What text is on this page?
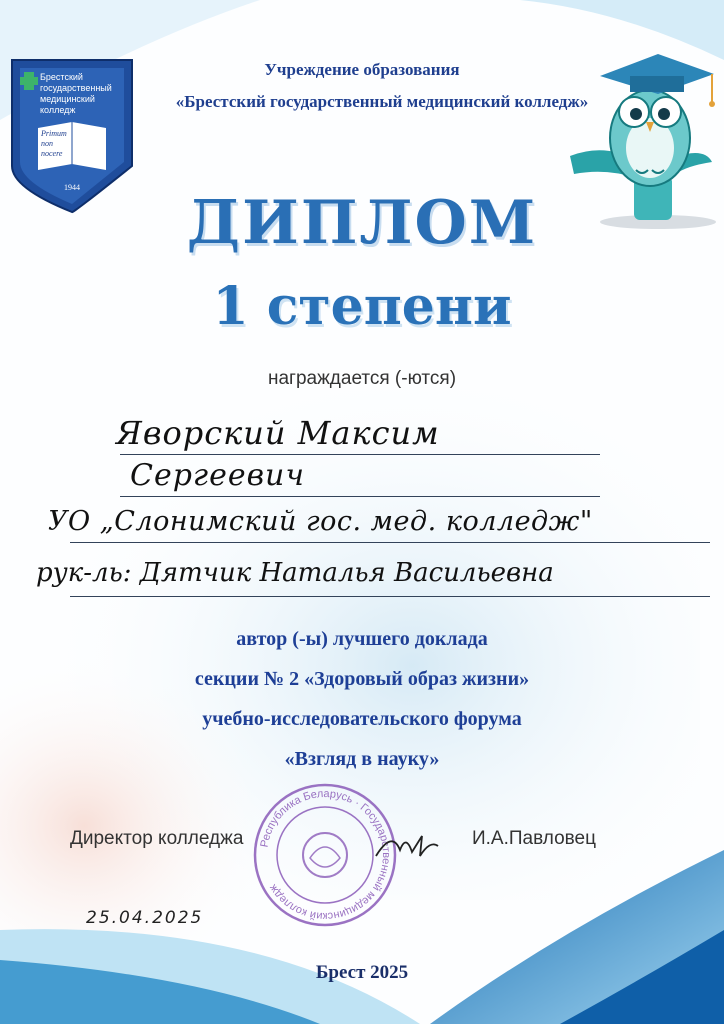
Брестский
государственный
медицинский
колледж
Primum
non
nocere
1944
Учреждение образования
«Брестский государственный медицинский колледж»
ДИПЛОМ
1 степени
награждается (-ются)
Яворский Максим
Сергеевич
УО „Слонимский гос. мед. колледж"
рук-ль: Дятчик Наталья Васильевна
автор (-ы) лучшего доклада
секции № 2 «Здоровый образ жизни»
учебно-исследовательского форума
«Взгляд в науку»
Республика Беларусь · Государственный медицинский колледж
Директор колледжа	И.А.Павловец
25.04.2025
Брест 2025
